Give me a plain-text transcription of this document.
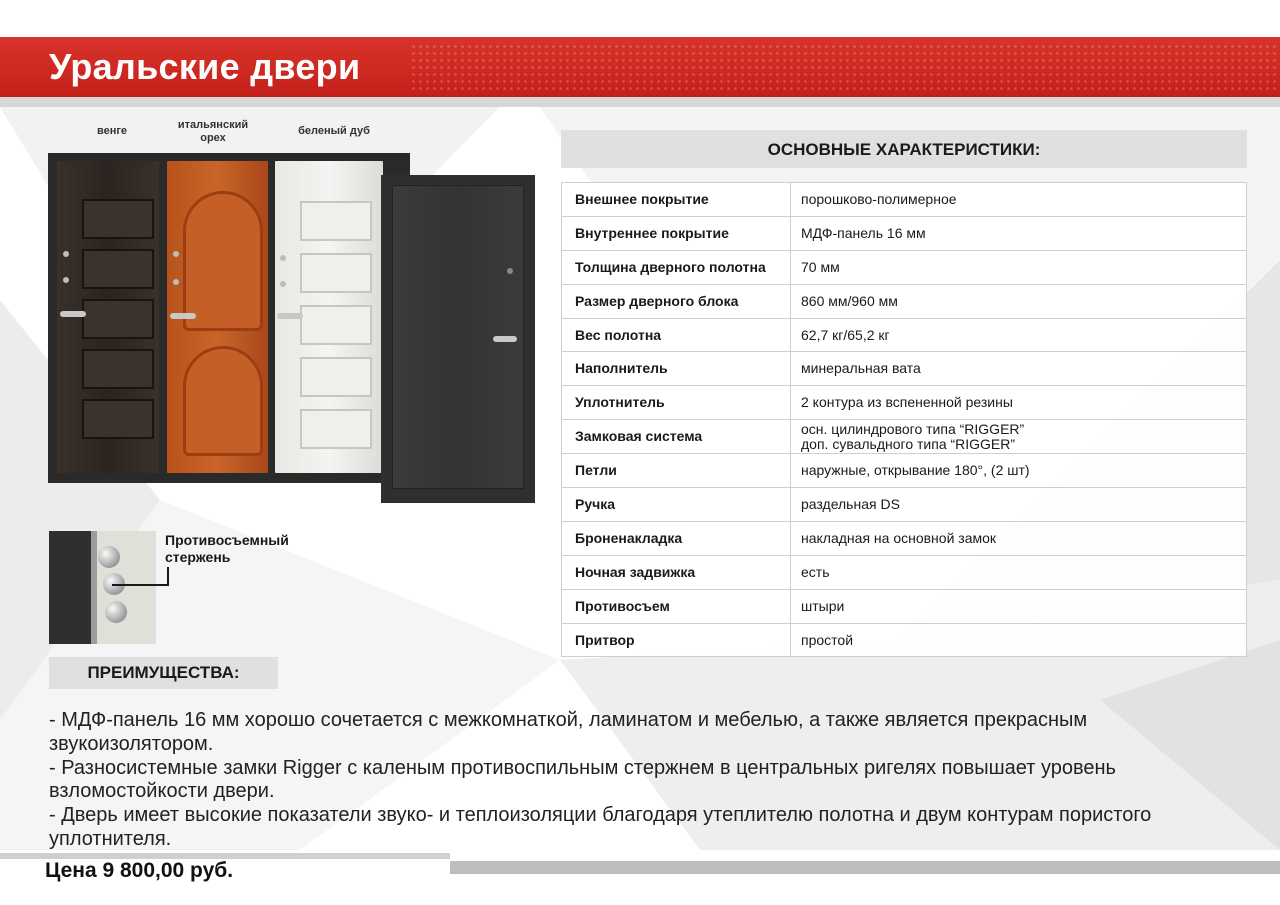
Уральские двери
венге	итальянский орех
беленый дуб
Противосъемный стержень
ОСНОВНЫЕ ХАРАКТЕРИСТИКИ:
Внешнее покрытие	порошково-полимерное
Внутреннее покрытие	МДФ-панель 16 мм
Толщина дверного полотна	70 мм
Размер дверного блока	860 мм/960 мм
Вес полотна	62,7 кг/65,2 кг
Наполнитель	минеральная вата
Уплотнитель	2 контура из вспененной резины
Замковая система	осн. цилиндрового типа “RIGGER”
доп. сувальдного типа “RIGGER”

Петли	наружные, открывание 180°, (2 шт)
Ручка	раздельная DS
Броненакладка	накладная на основной замок
Ночная задвижка	есть
Противосъем	штыри
Притвор	простой
ПРЕИМУЩЕСТВА:

- МДФ-панель 16 мм хорошо сочетается с межкомнаткой, ламинатом и мебелью, а также является прекрасным звукоизолятором.

- Разносистемные замки Rigger с каленым противоспильным стержнем в центральных ригелях повышает уровень взломостойкости двери.

- Дверь имеет высокие показатели звуко- и теплоизоляции благодаря утеплителю полотна и двум контурам пористого уплотнителя.

Цена 9 800,00 руб.
